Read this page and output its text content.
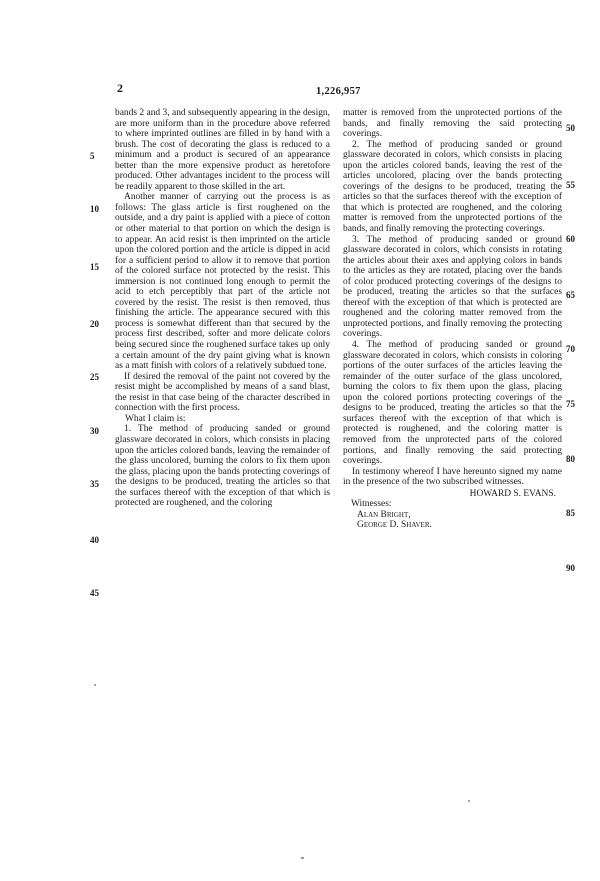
2	1,226,957

bands 2 and 3, and subsequently appearing in the design, are more uniform than in the procedure above referred to where imprinted outlines are filled in by hand with a brush. The cost of decorating the glass is reduced to a minimum and a product is secured of an appearance better than the more expensive product as heretofore produced. Other advantages incident to the process will be readily apparent to those skilled in the art.

Another manner of carrying out the process is as follows: The glass article is first roughened on the outside, and a dry paint is applied with a piece of cotton or other material to that portion on which the design is to appear. An acid resist is then imprinted on the article upon the colored portion and the article is dipped in acid for a sufficient period to allow it to remove that portion of the colored surface not protected by the resist. This immersion is not continued long enough to permit the acid to etch perceptibly that part of the article not covered by the resist. The resist is then removed, thus finishing the article. The appearance secured with this process is somewhat different than that secured by the process first described, softer and more delicate colors being secured since the roughened surface takes up only a certain amount of the dry paint giving what is known as a matt finish with colors of a relatively subdued tone.

If desired the removal of the paint not covered by the resist might be accomplished by means of a sand blast, the resist in that case being of the character described in connection with the first process.

What I claim is:

1. The method of producing sanded or ground glassware decorated in colors, which consists in placing upon the articles colored bands, leaving the remainder of the glass uncolored, burning the colors to fix them upon the glass, placing upon the bands protecting coverings of the designs to be produced, treating the articles so that the surfaces thereof with the exception of that which is protected are roughened, and the coloring

matter is removed from the unprotected portions of the bands, and finally removing the said protecting coverings.

2. The method of producing sanded or ground glassware decorated in colors, which consists in placing upon the articles colored bands, leaving the rest of the articles uncolored, placing over the bands protecting coverings of the designs to be produced, treating the articles so that the surfaces thereof with the exception of that which is protected are roughened, and the coloring matter is removed from the unprotected portions of the bands, and finally removing the protecting coverings.

3. The method of producing sanded or ground glassware decorated in colors, which consists in rotating the articles about their axes and applying colors in bands to the articles as they are rotated, placing over the bands of color produced protecting coverings of the designs to be produced, treating the articles so that the surfaces thereof with the exception of that which is protected are roughened and the coloring matter removed from the unprotected portions, and finally removing the protecting coverings.

4. The method of producing sanded or ground glassware decorated in colors, which consists in coloring portions of the outer surfaces of the articles leaving the remainder of the outer surface of the glass uncolored, burning the colors to fix them upon the glass, placing upon the colored portions protecting coverings of the designs to be produced, treating the articles so that the surfaces thereof with the exception of that which is protected is roughened, and the coloring matter is removed from the unprotected parts of the colored portions, and finally removing the said protecting coverings.

In testimony whereof I have hereunto signed my name in the presence of the two subscribed witnesses.

HOWARD S. EVANS.

Witnesses:

Alan Bright,

George D. Shaver.

5
10
15
20
25
30
35
40
45
50
55
60
65
70
75
80
85
90
